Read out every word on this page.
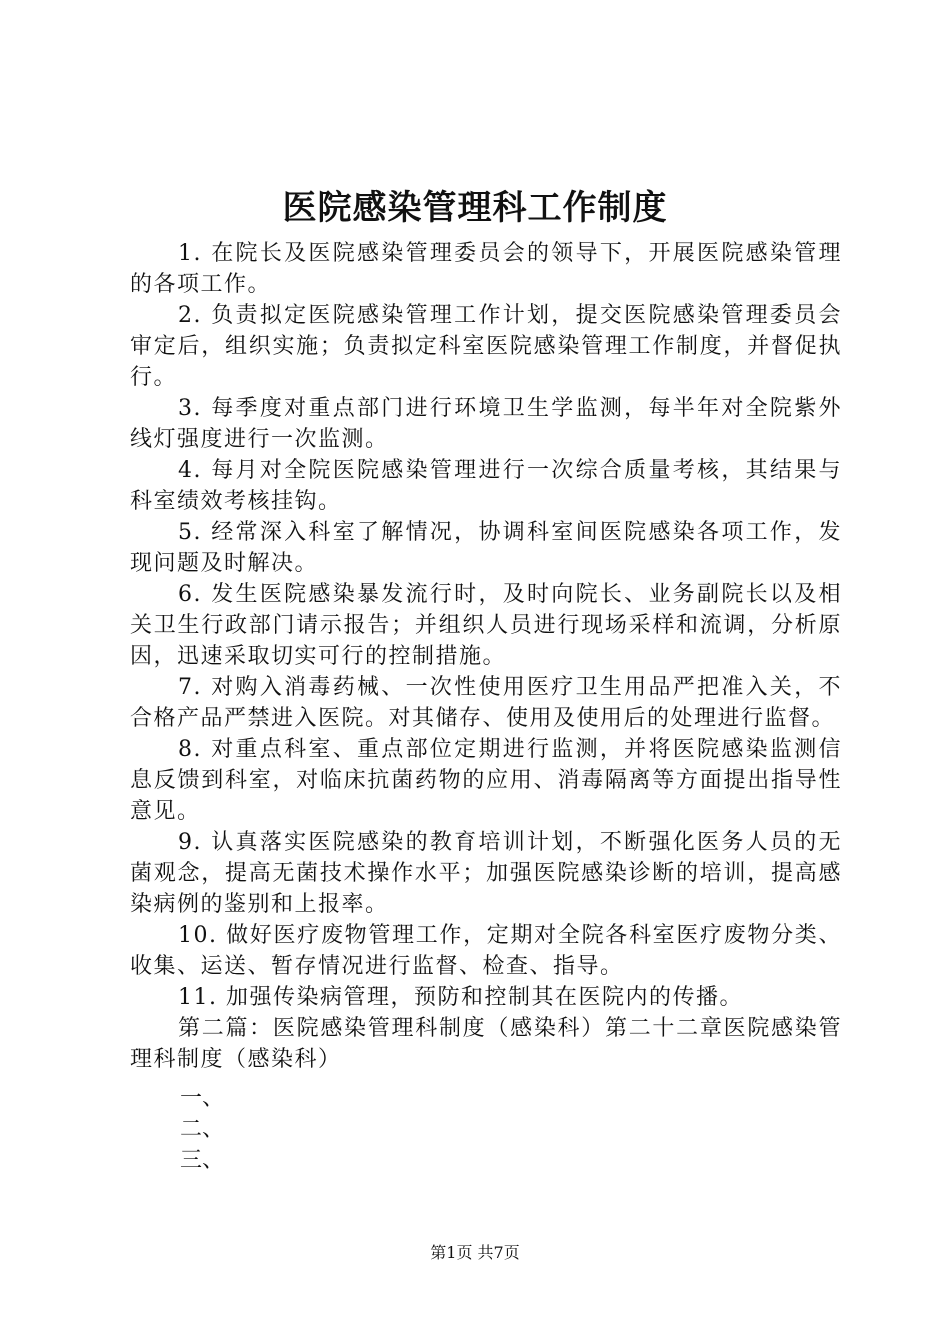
医院感染管理科工作制度

1. 在院长及医院感染管理委员会的领导下，开展医院感染管理的各项工作。

2. 负责拟定医院感染管理工作计划，提交医院感染管理委员会审定后，组织实施；负责拟定科室医院感染管理工作制度，并督促执行。

3. 每季度对重点部门进行环境卫生学监测，每半年对全院紫外线灯强度进行一次监测。

4. 每月对全院医院感染管理进行一次综合质量考核，其结果与科室绩效考核挂钩。

5. 经常深入科室了解情况，协调科室间医院感染各项工作，发现问题及时解决。

6. 发生医院感染暴发流行时，及时向院长、业务副院长以及相关卫生行政部门请示报告；并组织人员进行现场采样和流调，分析原因，迅速采取切实可行的控制措施。

7. 对购入消毒药械、一次性使用医疗卫生用品严把准入关，不合格产品严禁进入医院。对其储存、使用及使用后的处理进行监督。

8. 对重点科室、重点部位定期进行监测，并将医院感染监测信息反馈到科室，对临床抗菌药物的应用、消毒隔离等方面提出指导性意见。

9. 认真落实医院感染的教育培训计划，不断强化医务人员的无菌观念，提高无菌技术操作水平；加强医院感染诊断的培训，提高感染病例的鉴别和上报率。

10. 做好医疗废物管理工作，定期对全院各科室医疗废物分类、收集、运送、暂存情况进行监督、检查、指导。

11. 加强传染病管理，预防和控制其在医院内的传播。

第二篇：医院感染管理科制度（感染科）第二十二章医院感染管理科制度（感染科）

一、

二、

三、

第1页 共7页
